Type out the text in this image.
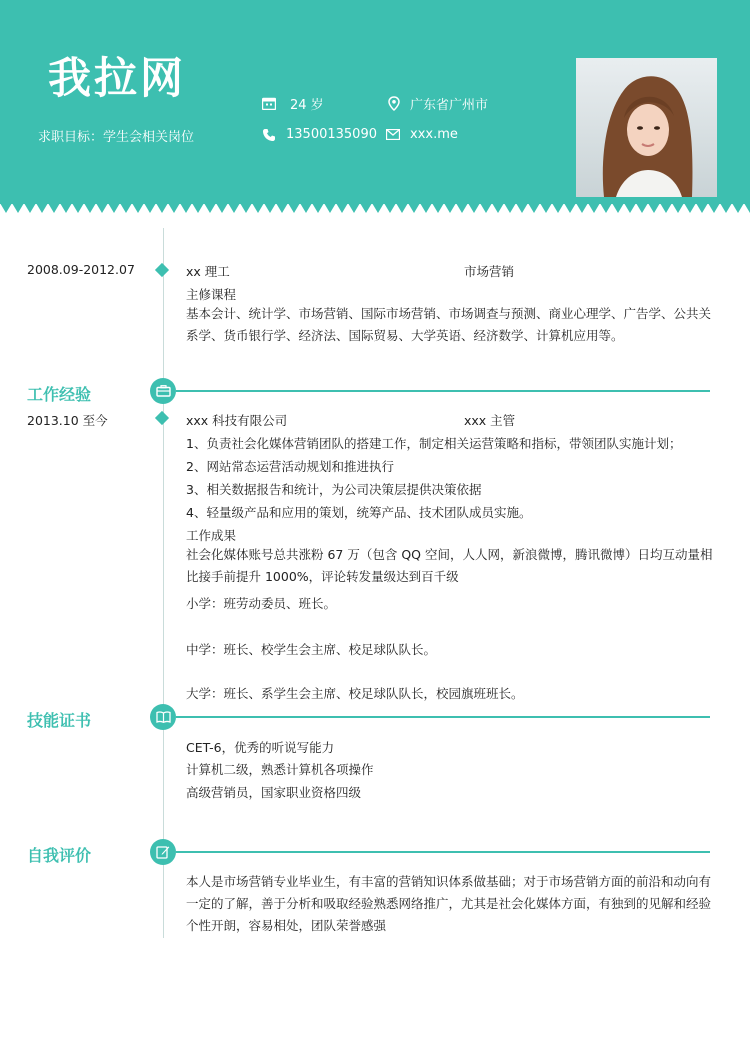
我拉网
求职目标：学生会相关岗位
24 岁	广东省广州市
13500135090	xxx.me
2008.09-2012.07	xx 理工	市场营销
主修课程
基本会计、统计学、市场营销、国际市场营销、市场调查与预测、商业心理学、广告学、公共关系学、货币银行学、经济法、国际贸易、大学英语、经济数学、计算机应用等。
工作经验
2013.10 至今	xxx 科技有限公司	xxx 主管
1、负责社会化媒体营销团队的搭建工作，制定相关运营策略和指标，带领团队实施计划；
2、网站常态运营活动规划和推进执行
3、相关数据报告和统计，为公司决策层提供决策依据
4、轻量级产品和应用的策划，统筹产品、技术团队成员实施。
工作成果
社会化媒体账号总共涨粉 67 万（包含 QQ 空间，人人网，新浪微博，腾讯微博）日均互动量相比接手前提升 1000%，评论转发量级达到百千级
小学：班劳动委员、班长。
中学：班长、校学生会主席、校足球队队长。
大学：班长、系学生会主席、校足球队队长，校园旗班班长。
技能证书
CET-6，优秀的听说写能力
计算机二级，熟悉计算机各项操作
高级营销员，国家职业资格四级
自我评价
本人是市场营销专业毕业生，有丰富的营销知识体系做基础；对于市场营销方面的前沿和动向有一定的了解，善于分析和吸取经验熟悉网络推广，尤其是社会化媒体方面，有独到的见解和经验个性开朗，容易相处，团队荣誉感强
